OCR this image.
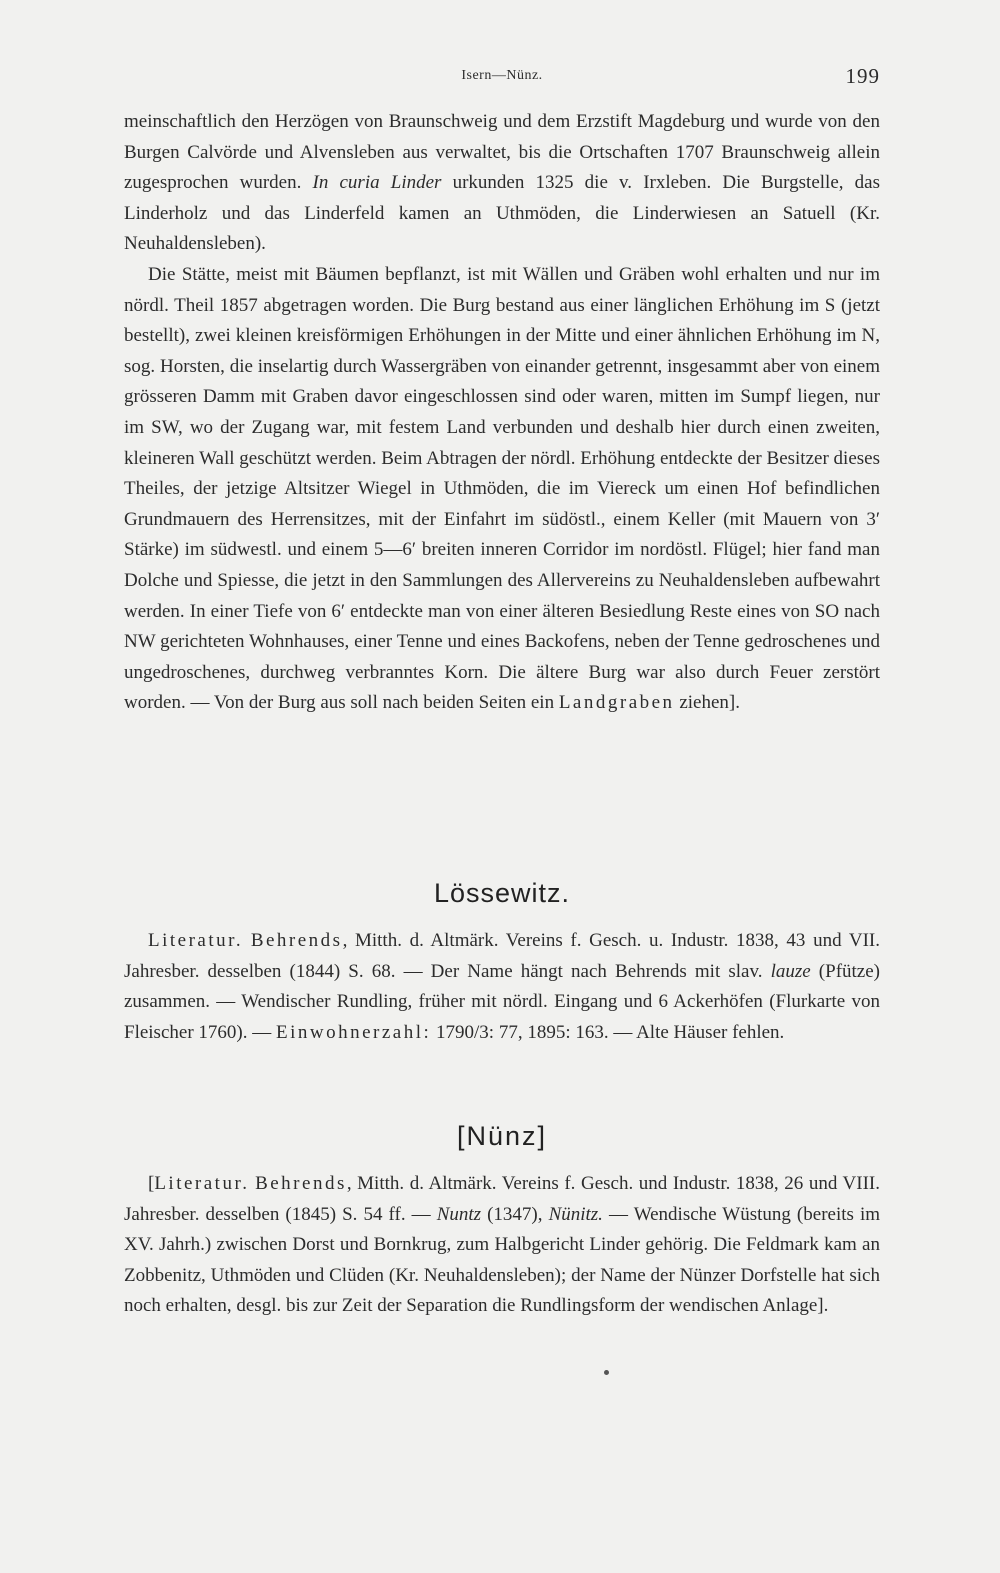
Isern—Nünz.	199

meinschaftlich den Herzögen von Braunschweig und dem Erzstift Magdeburg und wurde von den Burgen Calvörde und Alvensleben aus verwaltet, bis die Ortschaften 1707 Braunschweig allein zugesprochen wurden. In curia Linder urkunden 1325 die v. Irxleben. Die Burgstelle, das Linderholz und das Linderfeld kamen an Uthmöden, die Linderwiesen an Satuell (Kr. Neuhaldensleben).

Die Stätte, meist mit Bäumen bepflanzt, ist mit Wällen und Gräben wohl erhalten und nur im nördl. Theil 1857 abgetragen worden. Die Burg bestand aus einer länglichen Erhöhung im S (jetzt bestellt), zwei kleinen kreisförmigen Erhöhungen in der Mitte und einer ähnlichen Erhöhung im N, sog. Horsten, die inselartig durch Wassergräben von einander getrennt, insgesammt aber von einem grösseren Damm mit Graben davor eingeschlossen sind oder waren, mitten im Sumpf liegen, nur im SW, wo der Zugang war, mit festem Land verbunden und deshalb hier durch einen zweiten, kleineren Wall geschützt werden. Beim Abtragen der nördl. Erhöhung entdeckte der Besitzer dieses Theiles, der jetzige Altsitzer Wiegel in Uthmöden, die im Viereck um einen Hof befindlichen Grundmauern des Herrensitzes, mit der Einfahrt im südöstl., einem Keller (mit Mauern von 3′ Stärke) im südwestl. und einem 5—6′ breiten inneren Corridor im nordöstl. Flügel; hier fand man Dolche und Spiesse, die jetzt in den Sammlungen des Allervereins zu Neuhaldensleben aufbewahrt werden. In einer Tiefe von 6′ entdeckte man von einer älteren Besiedlung Reste eines von SO nach NW gerichteten Wohnhauses, einer Tenne und eines Backofens, neben der Tenne gedroschenes und ungedroschenes, durchweg verbranntes Korn. Die ältere Burg war also durch Feuer zerstört worden. — Von der Burg aus soll nach beiden Seiten ein Landgraben ziehen].

Lössewitz.

Literatur. Behrends, Mitth. d. Altmärk. Vereins f. Gesch. u. Industr. 1838, 43 und VII. Jahresber. desselben (1844) S. 68. — Der Name hängt nach Behrends mit slav. lauze (Pfütze) zusammen. — Wendischer Rundling, früher mit nördl. Eingang und 6 Ackerhöfen (Flurkarte von Fleischer 1760). — Einwohnerzahl: 1790/3: 77, 1895: 163. — Alte Häuser fehlen.

[Nünz]

[Literatur. Behrends, Mitth. d. Altmärk. Vereins f. Gesch. und Industr. 1838, 26 und VIII. Jahresber. desselben (1845) S. 54 ff. — Nuntz (1347), Nünitz. — Wendische Wüstung (bereits im XV. Jahrh.) zwischen Dorst und Bornkrug, zum Halbgericht Linder gehörig. Die Feldmark kam an Zobbenitz, Uthmöden und Clüden (Kr. Neuhaldensleben); der Name der Nünzer Dorfstelle hat sich noch erhalten, desgl. bis zur Zeit der Separation die Rundlingsform der wendischen Anlage].
